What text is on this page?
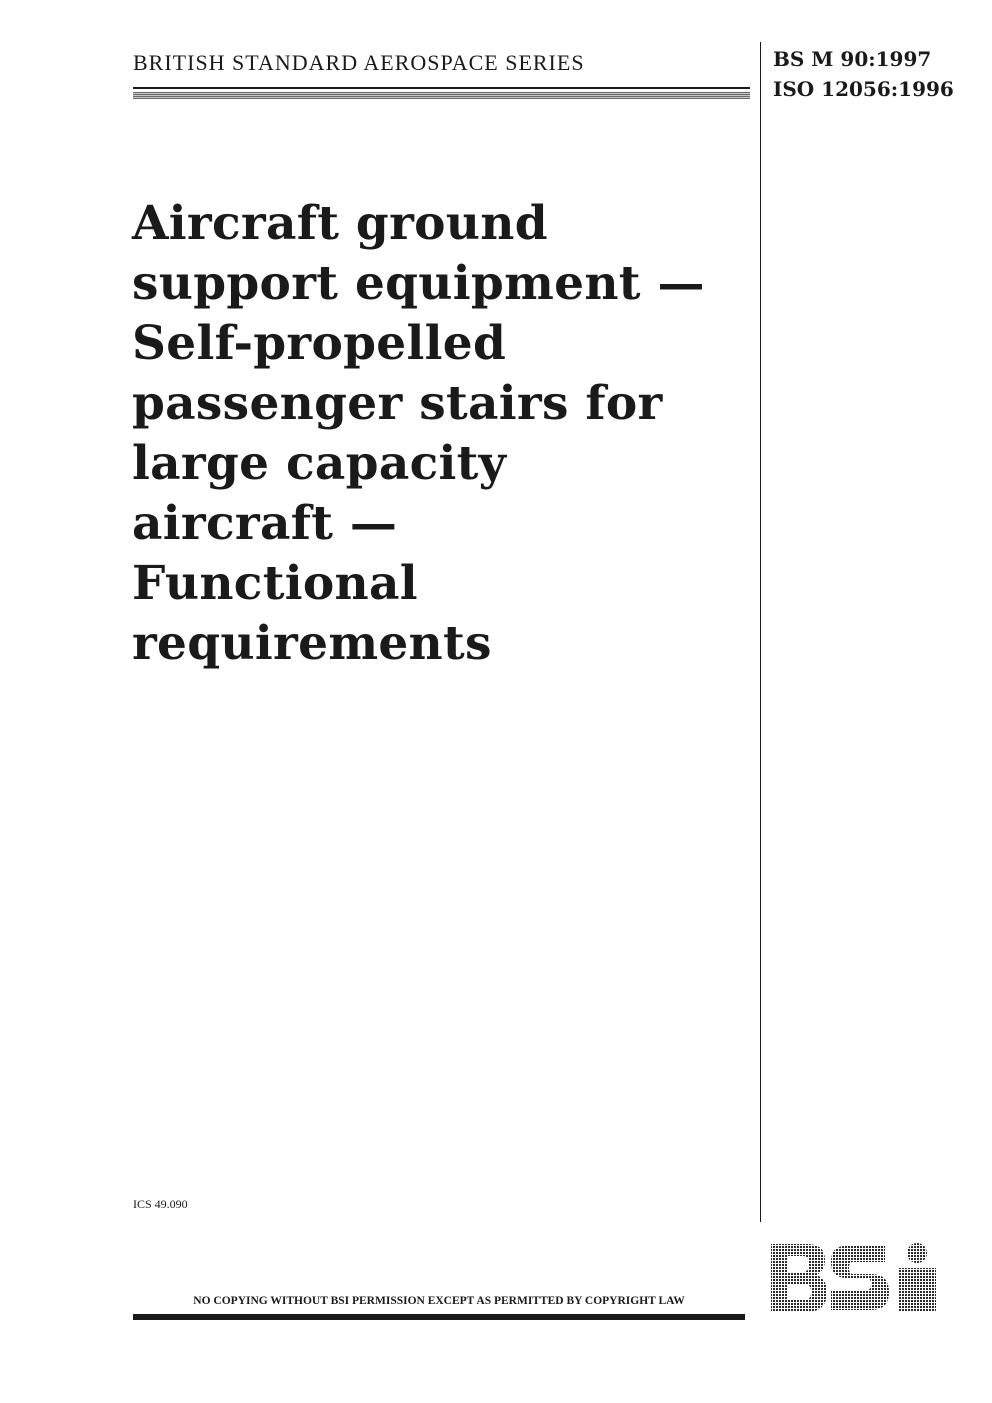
BRITISH STANDARD AEROSPACE SERIES	BS M 90:1997
ISO 12056:1996
Aircraft ground
support equipment —
Self-propelled
passenger stairs for
large capacity
aircraft —
Functional
requirements
ICS 49.090
NO COPYING WITHOUT BSI PERMISSION EXCEPT AS PERMITTED BY COPYRIGHT LAW
